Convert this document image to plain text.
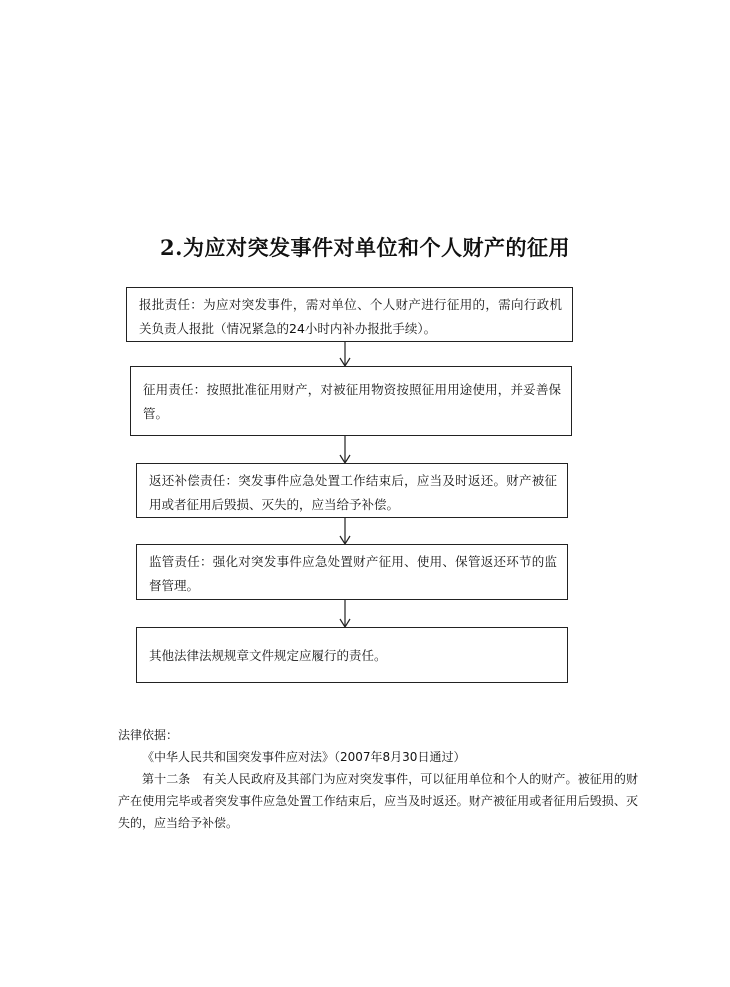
2.为应对突发事件对单位和个人财产的征用
报批责任：为应对突发事件，需对单位、个人财产进行征用的，需向行政机关负责人报批（情况紧急的24小时内补办报批手续）。
征用责任：按照批准征用财产，对被征用物资按照征用用途使用，并妥善保管。
返还补偿责任：突发事件应急处置工作结束后，应当及时返还。财产被征用或者征用后毁损、灭失的，应当给予补偿。
监管责任：强化对突发事件应急处置财产征用、使用、保管返还环节的监督管理。
其他法律法规规章文件规定应履行的责任。

法律依据：

《中华人民共和国突发事件应对法》（2007年8月30日通过）

第十二条　有关人民政府及其部门为应对突发事件，可以征用单位和个人的财产。被征用的财产在使用完毕或者突发事件应急处置工作结束后，应当及时返还。财产被征用或者征用后毁损、灭失的，应当给予补偿。
